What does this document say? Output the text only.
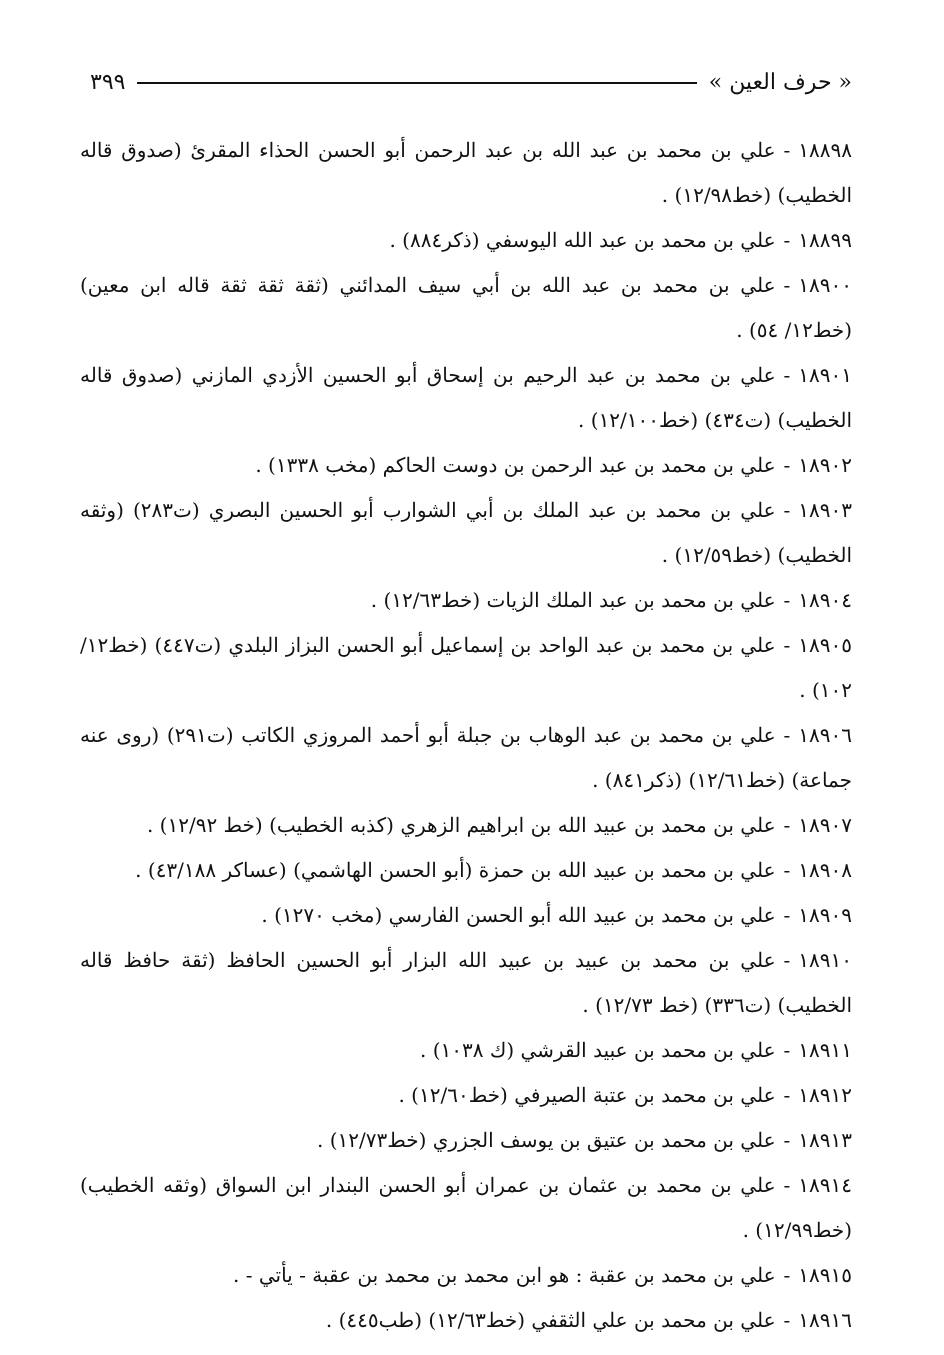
« حرف العين »
٣٩٩

١٨٨٩٨-علي بن محمد بن عبد الله بن عبد الرحمن أبو الحسن الحذاء المقرئ (صدوق قاله الخطيب) (خط١٢/٩٨) .

١٨٨٩٩-علي بن محمد بن عبد الله اليوسفي (ذكر٨٨٤) .

١٨٩٠٠-علي بن محمد بن عبد الله بن أبي سيف المدائني (ثقة ثقة ثقة قاله ابن معين) (خط١٢/ ٥٤) .

١٨٩٠١-علي بن محمد بن عبد الرحيم بن إسحاق أبو الحسين الأزدي المازني (صدوق قاله الخطيب) (ت٤٣٤) (خط١٢/١٠٠) .

١٨٩٠٢-علي بن محمد بن عبد الرحمن بن دوست الحاكم (مخب ١٣٣٨) .

١٨٩٠٣-علي بن محمد بن عبد الملك بن أبي الشوارب أبو الحسين البصري (ت٢٨٣) (وثقه الخطيب) (خط١٢/٥٩) .

١٨٩٠٤-علي بن محمد بن عبد الملك الزيات (خط١٢/٦٣) .

١٨٩٠٥-علي بن محمد بن عبد الواحد بن إسماعيل أبو الحسن البزاز البلدي (ت٤٤٧) (خط١٢/ ١٠٢) .

١٨٩٠٦-علي بن محمد بن عبد الوهاب بن جبلة أبو أحمد المروزي الكاتب (ت٢٩١) (روى عنه جماعة) (خط١٢/٦١) (ذكر٨٤١) .

١٨٩٠٧-علي بن محمد بن عبيد الله بن ابراهيم الزهري (كذبه الخطيب) (خط ١٢/٩٢) .

١٨٩٠٨-علي بن محمد بن عبيد الله بن حمزة (أبو الحسن الهاشمي) (عساكر ٤٣/١٨٨) .

١٨٩٠٩-علي بن محمد بن عبيد الله أبو الحسن الفارسي (مخب ١٢٧٠) .

١٨٩١٠-علي بن محمد بن عبيد بن عبيد الله البزار أبو الحسين الحافظ (ثقة حافظ قاله الخطيب) (ت٣٣٦) (خط ١٢/٧٣) .

١٨٩١١-علي بن محمد بن عبيد القرشي (ك ١٠٣٨) .

١٨٩١٢-علي بن محمد بن عتبة الصيرفي (خط١٢/٦٠) .

١٨٩١٣-علي بن محمد بن عتيق بن يوسف الجزري (خط١٢/٧٣) .

١٨٩١٤-علي بن محمد بن عثمان بن عمران أبو الحسن البندار ابن السواق (وثقه الخطيب) (خط١٢/٩٩) .

١٨٩١٥-علي بن محمد بن عقبة : هو ابن محمد بن محمد بن عقبة - يأتي - .

١٨٩١٦-علي بن محمد بن علي الثقفي (خط١٢/٦٣) (طب٤٤٥) .
